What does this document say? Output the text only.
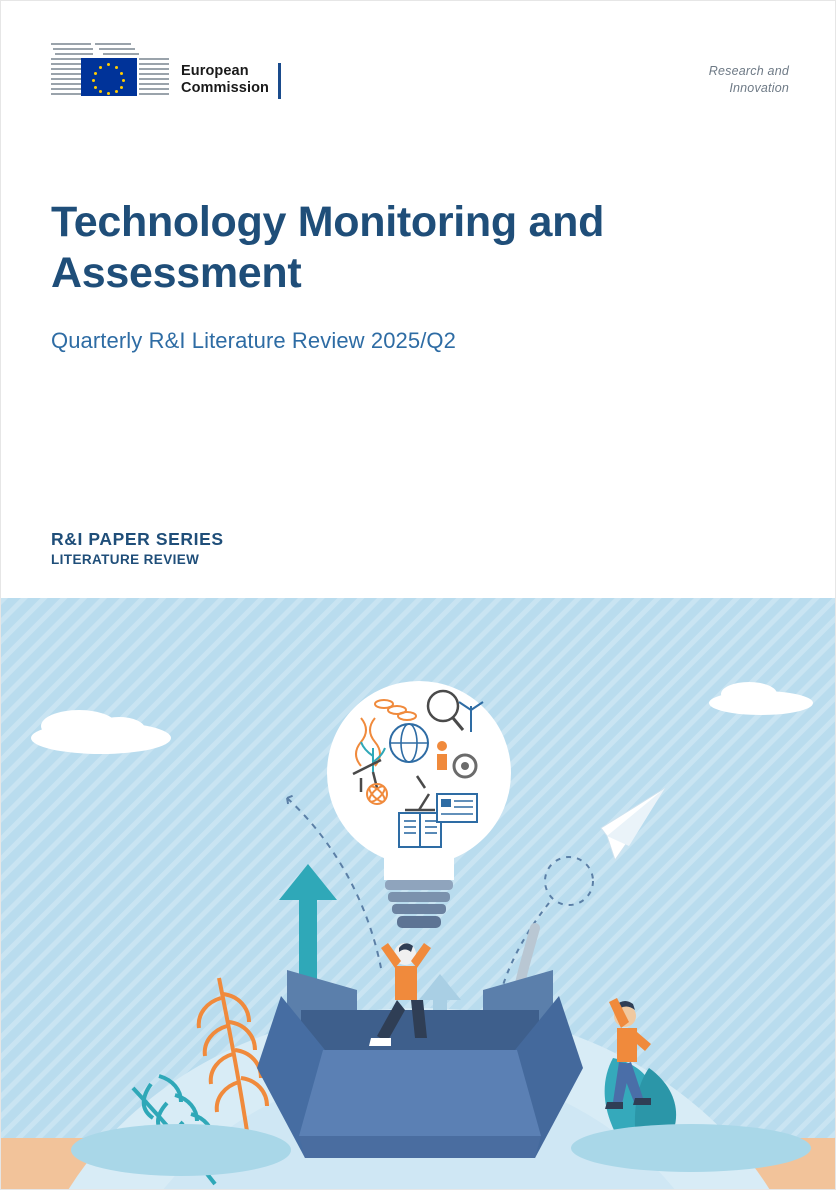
European
Commission
Research and
Innovation
Technology Monitoring and Assessment
Quarterly R&I Literature Review 2025/Q2
R&I PAPER SERIES
LITERATURE REVIEW
